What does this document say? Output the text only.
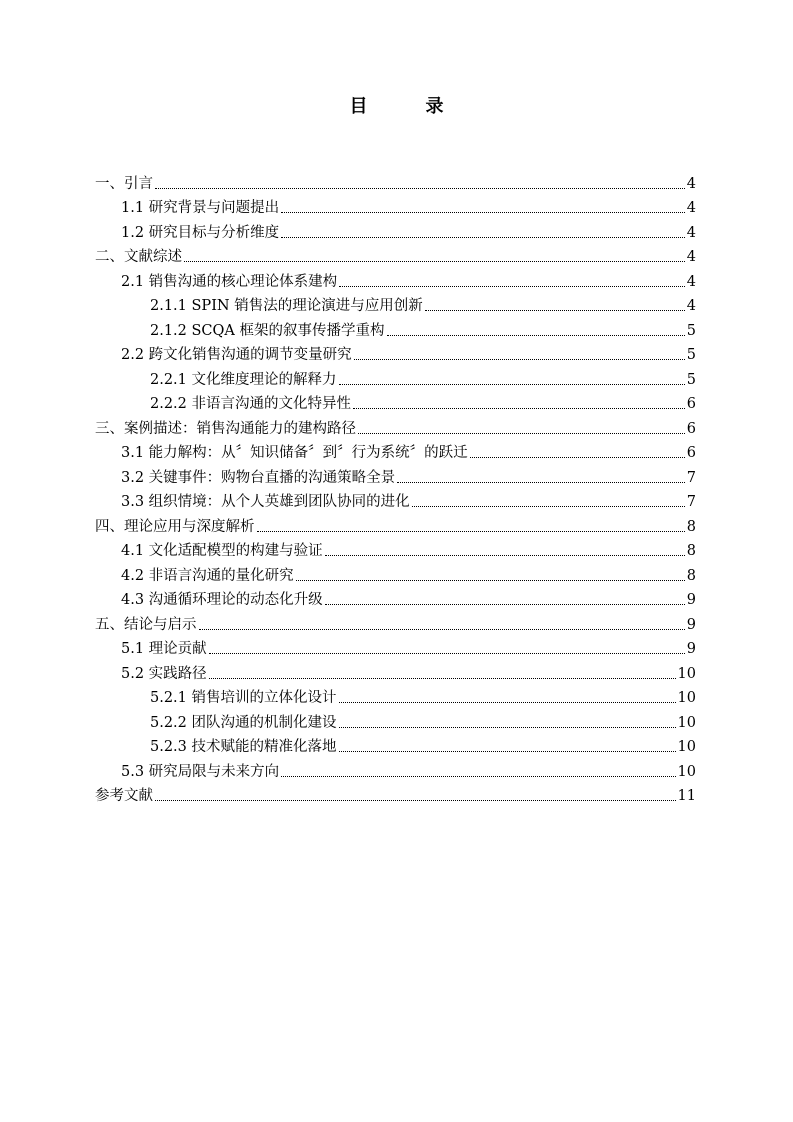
目　录
一、引言	4
1.1 研究背景与问题提出	4
1.2 研究目标与分析维度	4
二、文献综述	4
2.1 销售沟通的核心理论体系建构	4
2.1.1 SPIN 销售法的理论演进与应用创新	4
2.1.2 SCQA 框架的叙事传播学重构	5
2.2 跨文化销售沟通的调节变量研究	5
2.2.1 文化维度理论的解释力	5
2.2.2 非语言沟通的文化特异性	6
三、案例描述：销售沟通能力的建构路径	6
3.1 能力解构：从〞知识储备〞到〞行为系统〞的跃迁	6
3.2 关键事件：购物台直播的沟通策略全景	7
3.3 组织情境：从个人英雄到团队协同的进化	7
四、理论应用与深度解析	8
4.1 文化适配模型的构建与验证	8
4.2 非语言沟通的量化研究	8
4.3 沟通循环理论的动态化升级	9
五、结论与启示	9
5.1 理论贡献	9
5.2 实践路径	10
5.2.1 销售培训的立体化设计	10
5.2.2 团队沟通的机制化建设	10
5.2.3 技术赋能的精准化落地	10
5.3 研究局限与未来方向	10
参考文献	11
